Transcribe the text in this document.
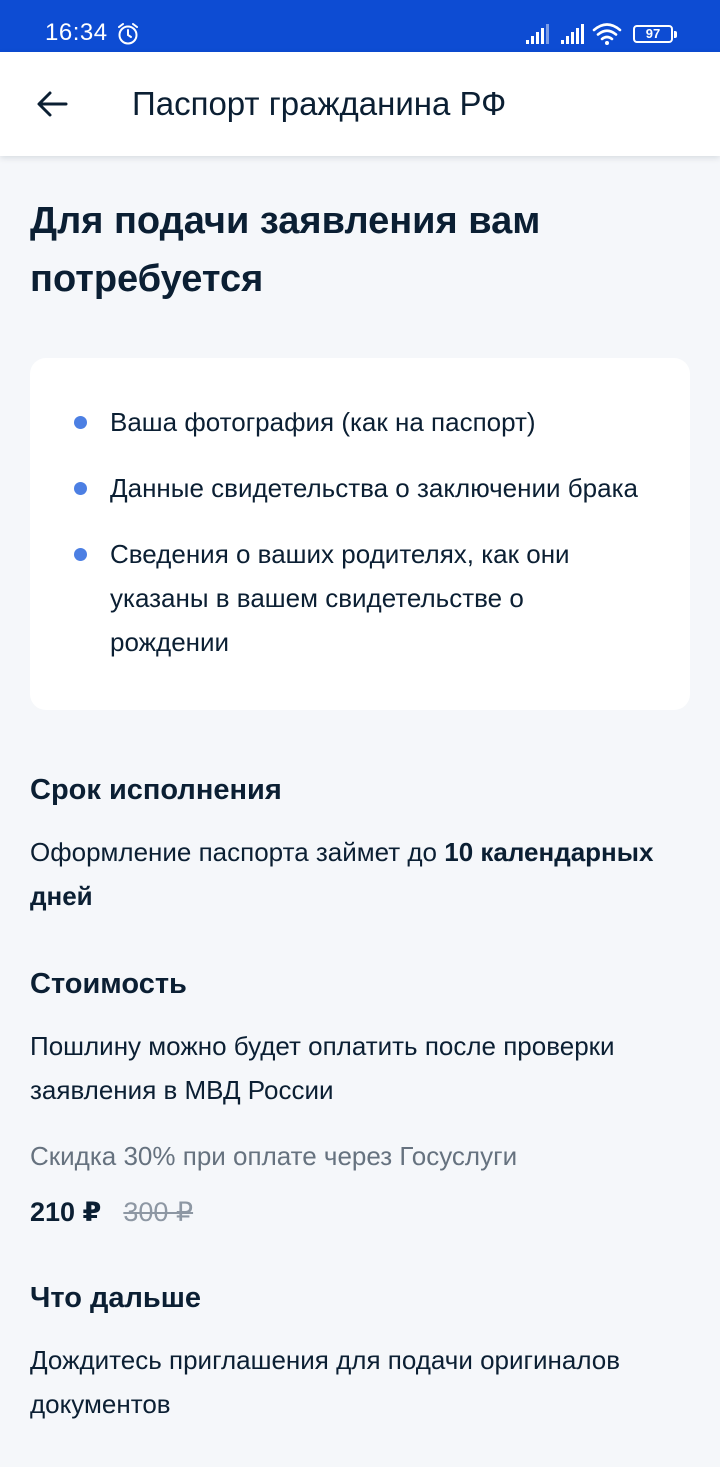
16:34	97
Паспорт гражданина РФ
Для подачи заявления вам потребуется
Ваша фотография (как на паспорт)
Данные свидетельства о заключении брака
Сведения о ваших родителях, как они указаны в вашем свидетельстве о рождении
Срок исполнения

Оформление паспорта займет до 10 календарных дней

Стоимость

Пошлину можно будет оплатить после проверки заявления в МВД России

Скидка 30% при оплате через Госуслуги
210 ₽ 300 ₽
Что дальше

Дождитесь приглашения для подачи оригиналов документов
